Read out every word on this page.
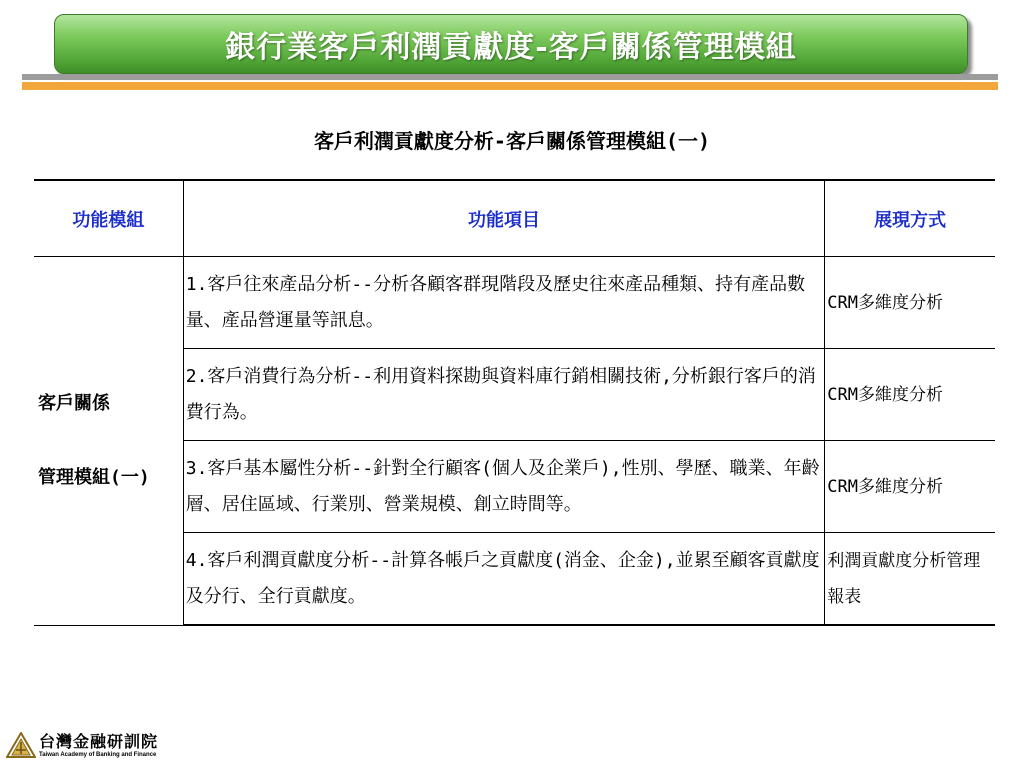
銀行業客戶利潤貢獻度-客戶關係管理模組
客戶利潤貢獻度分析-客戶關係管理模組(一)
功能模組	功能項目	展現方式

客戶關係
管理模組(一)	1.客戶往來產品分析--分析各顧客群現階段及歷史往來產品種類、持有產品數量、產品營運量等訊息。	CRM多維度分析
	2.客戶消費行為分析--利用資料探勘與資料庫行銷相關技術,分析銀行客戶的消費行為。	CRM多維度分析
	3.客戶基本屬性分析--針對全行顧客(個人及企業戶),性別、學歷、職業、年齡層、居住區域、行業別、營業規模、創立時間等。	CRM多維度分析
	4.客戶利潤貢獻度分析--計算各帳戶之貢獻度(消金、企金),並累至顧客貢獻度及分行、全行貢獻度。	利潤貢獻度分析管理報表
台灣金融研訓院
Taiwan Academy of Banking and Finance
